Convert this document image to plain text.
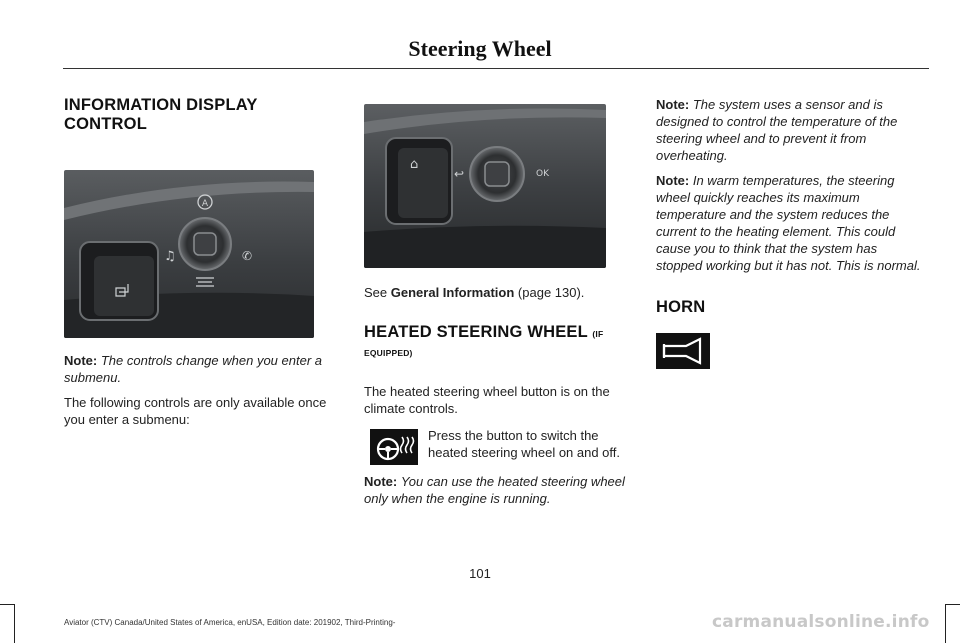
Steering Wheel
INFORMATION DISPLAY CONTROL
A
♫	✆

Note: The controls change when you enter a submenu.

The following controls are only available once you enter a submenu:

⌂
↩	OK

See General Information (page 130).

HEATED STEERING WHEEL (IF EQUIPPED)

The heated steering wheel button is on the climate controls.

Press the button to switch the heated steering wheel on and off.

Note: You can use the heated steering wheel only when the engine is running.

Note: The system uses a sensor and is designed to control the temperature of the steering wheel and to prevent it from overheating.

Note: In warm temperatures, the steering wheel quickly reaches its maximum temperature and the system reduces the current to the heating element. This could cause you to think that the system has stopped working but it has not. This is normal.

HORN
101
Aviator (CTV) Canada/United States of America, enUSA, Edition date: 201902, Third-Printing-	carmanualsonline.info
